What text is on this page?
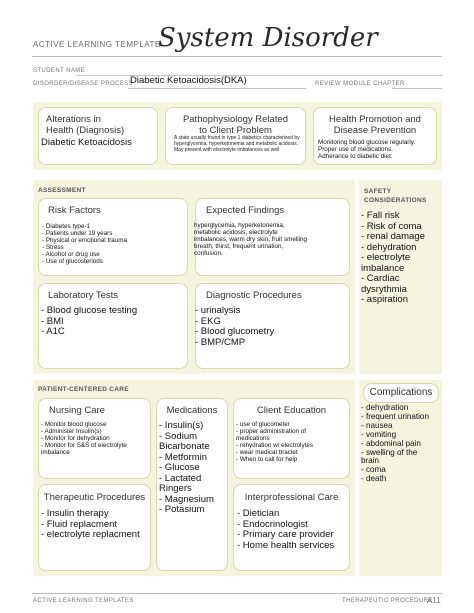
ACTIVE LEARNING TEMPLATE:
System Disorder
STUDENT NAME
DISORDER/DISEASE PROCESS
Diabetic Ketoacidosis(DKA)	REVIEW MODULE CHAPTER
Alterations in
Health (Diagnosis)
Diabetic Ketoacidosis
Pathophysiology Related
to Client Problem
A state usually found in type 1 diabetics characterized by
hyperglycemia, hyperketonemia and metabolic acidosis.
May present with electrolyte imbalances as well
Health Promotion and
Disease Prevention
Monitoring blood glucose regularly.
Proper use of medications.
Adherance to diabetic diet.
ASSESSMENT
Risk Factors
- Diabetes type-1
- Patients under 19 years
- Physical or emotional trauma
- Stress
- Alcohol or drug use
- Use of glucosteriods
Expected Findings
hyperglycemia, hyperketonemia,
metabolic acidosis, electrolyte
imbalances, warm dry skin, fruit smelling
breath, thirst, frequent urination,
confusion.
Laboratory Tests
- Blood glucose testing
- BMI
- A1C
Diagnostic Procedures
- urinalysis
- EKG
- Blood glucometry
- BMP/CMP
SAFETY
CONSIDERATIONS
- Fall risk
- Risk of coma
- renal damage
- dehydration
- electrolyte
imbalance
- Cardiac
dysrythmia
- aspiration
PATIENT-CENTERED CARE
Nursing Care
- Monitor blood glucose
- Administer Insulin(s)
- Monitor for dehydration
- Monitor for S&S of electrolyte
imbalance
Medications
- Insulin(s)
- Sodium
Bicarbonate
- Metformin
- Glucose
- Lactated
Ringers
- Magnesium
- Potasium
Client Education
- use of glucometer
- proper administration of
medications
- rehydration w/ electrolytes
- wear medical braclet
- When to call for help
Therapeutic Procedures
- Insulin therapy
- Fluid replacment
- electrolyte replacment
Interprofessional Care
- Dietician
- Endocrinologist
- Primary care provider
- Home health services
Complications
- dehydration
- frequent urination
- nausea
- vomiting
- abdominal pain
- swelling of the
brain
- coma
- death
ACTIVE LEARNING TEMPLATES	THERAPEUTIC PROCEDURE
A11
